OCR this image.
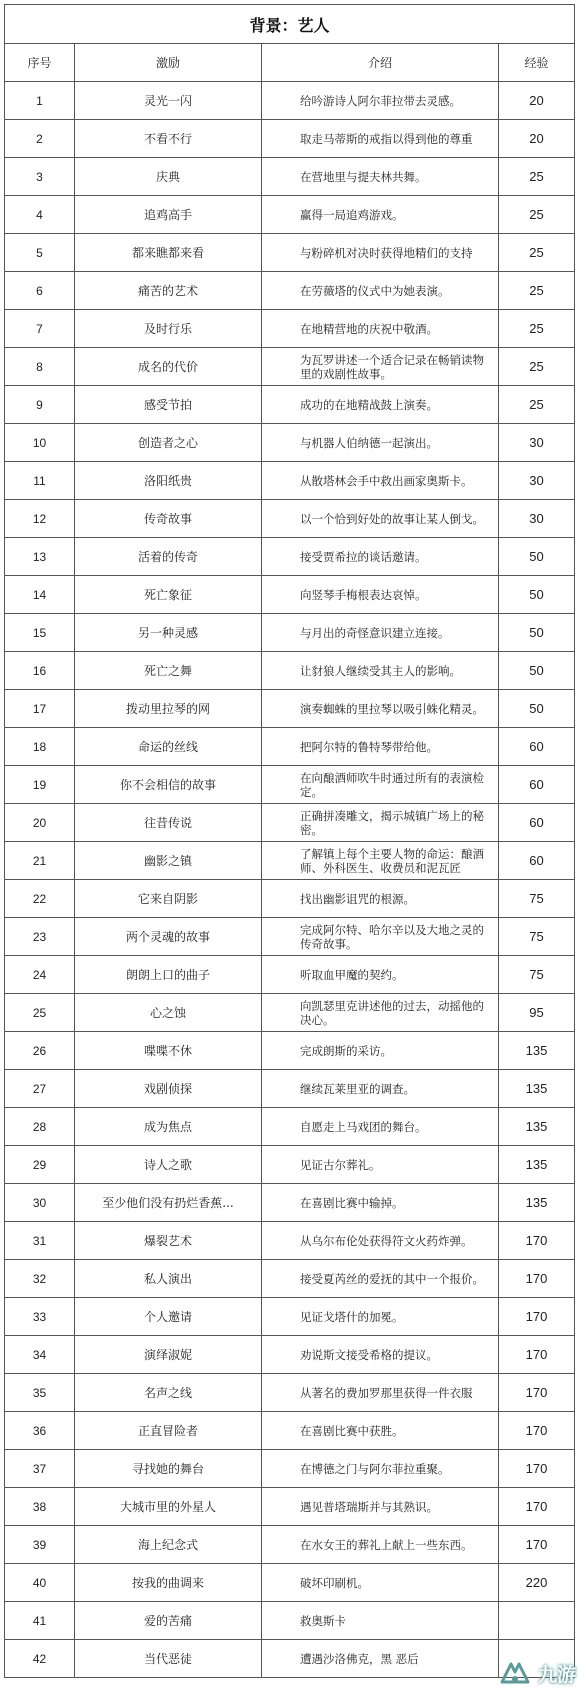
背景：艺人			
序号	激励	介绍	经验
1	灵光一闪	给吟游诗人阿尔菲拉带去灵感。	20
2	不看不行	取走马蒂斯的戒指以得到他的尊重	20
3	庆典	在营地里与提夫林共舞。	25
4	追鸡高手	赢得一局追鸡游戏。	25
5	都来瞧都来看	与粉碎机对决时获得地精们的支持	25
6	痛苦的艺术	在劳薇塔的仪式中为她表演。	25
7	及时行乐	在地精营地的庆祝中敬酒。	25
8	成名的代价	为瓦罗讲述一个适合记录在畅销读物里的戏剧性故事。	25
9	感受节拍	成功的在地精战鼓上演奏。	25
10	创造者之心	与机器人伯纳德一起演出。	30
11	洛阳纸贵	从散塔林会手中救出画家奥斯卡。	30
12	传奇故事	以一个恰到好处的故事让某人倒戈。	30
13	活着的传奇	接受贾希拉的谈话邀请。	50
14	死亡象征	向竖琴手梅根表达哀悼。	50
15	另一种灵感	与月出的奇怪意识建立连接。	50
16	死亡之舞	让豺狼人继续受其主人的影响。	50
17	拨动里拉琴的网	演奏蜘蛛的里拉琴以吸引蛛化精灵。	50
18	命运的丝线	把阿尔特的鲁特琴带给他。	60
19	你不会相信的故事	在向酿酒师吹牛时通过所有的表演检定。	60
20	往昔传说	正确拼凑雕文，揭示城镇广场上的秘密。	60
21	幽影之镇	了解镇上每个主要人物的命运：酿酒师、外科医生、收费员和泥瓦匠	60
22	它来自阴影	找出幽影诅咒的根源。	75
23	两个灵魂的故事	完成阿尔特、哈尔辛以及大地之灵的传奇故事。	75
24	朗朗上口的曲子	听取血甲魔的契约。	75
25	心之蚀	向凯瑟里克讲述他的过去，动摇他的决心。	95
26	喋喋不休	完成朗斯的采访。	135
27	戏剧侦探	继续瓦莱里亚的调查。	135
28	成为焦点	自愿走上马戏团的舞台。	135
29	诗人之歌	见证古尔葬礼。	135
30	至少他们没有扔烂香蕉...	在喜剧比赛中输掉。	135
31	爆裂艺术	从乌尔布伦处获得符文火药炸弹。	170
32	私人演出	接受夏芮丝的爱抚的其中一个报价。	170
33	个人邀请	见证戈塔什的加冕。	170
34	演绎淑妮	劝说斯文接受希格的提议。	170
35	名声之线	从著名的费加罗那里获得一件衣服	170
36	正直冒险者	在喜剧比赛中获胜。	170
37	寻找她的舞台	在博德之门与阿尔菲拉重聚。	170
38	大城市里的外星人	遇见普塔瑞斯并与其熟识。	170
39	海上纪念式	在水女王的葬礼上献上一些东西。	170
40	按我的曲调来	破坏印刷机。	220
41	爱的苦痛	救奥斯卡	
42	当代恶徒	遭遇沙洛佛克，黑 恶后	
九游
